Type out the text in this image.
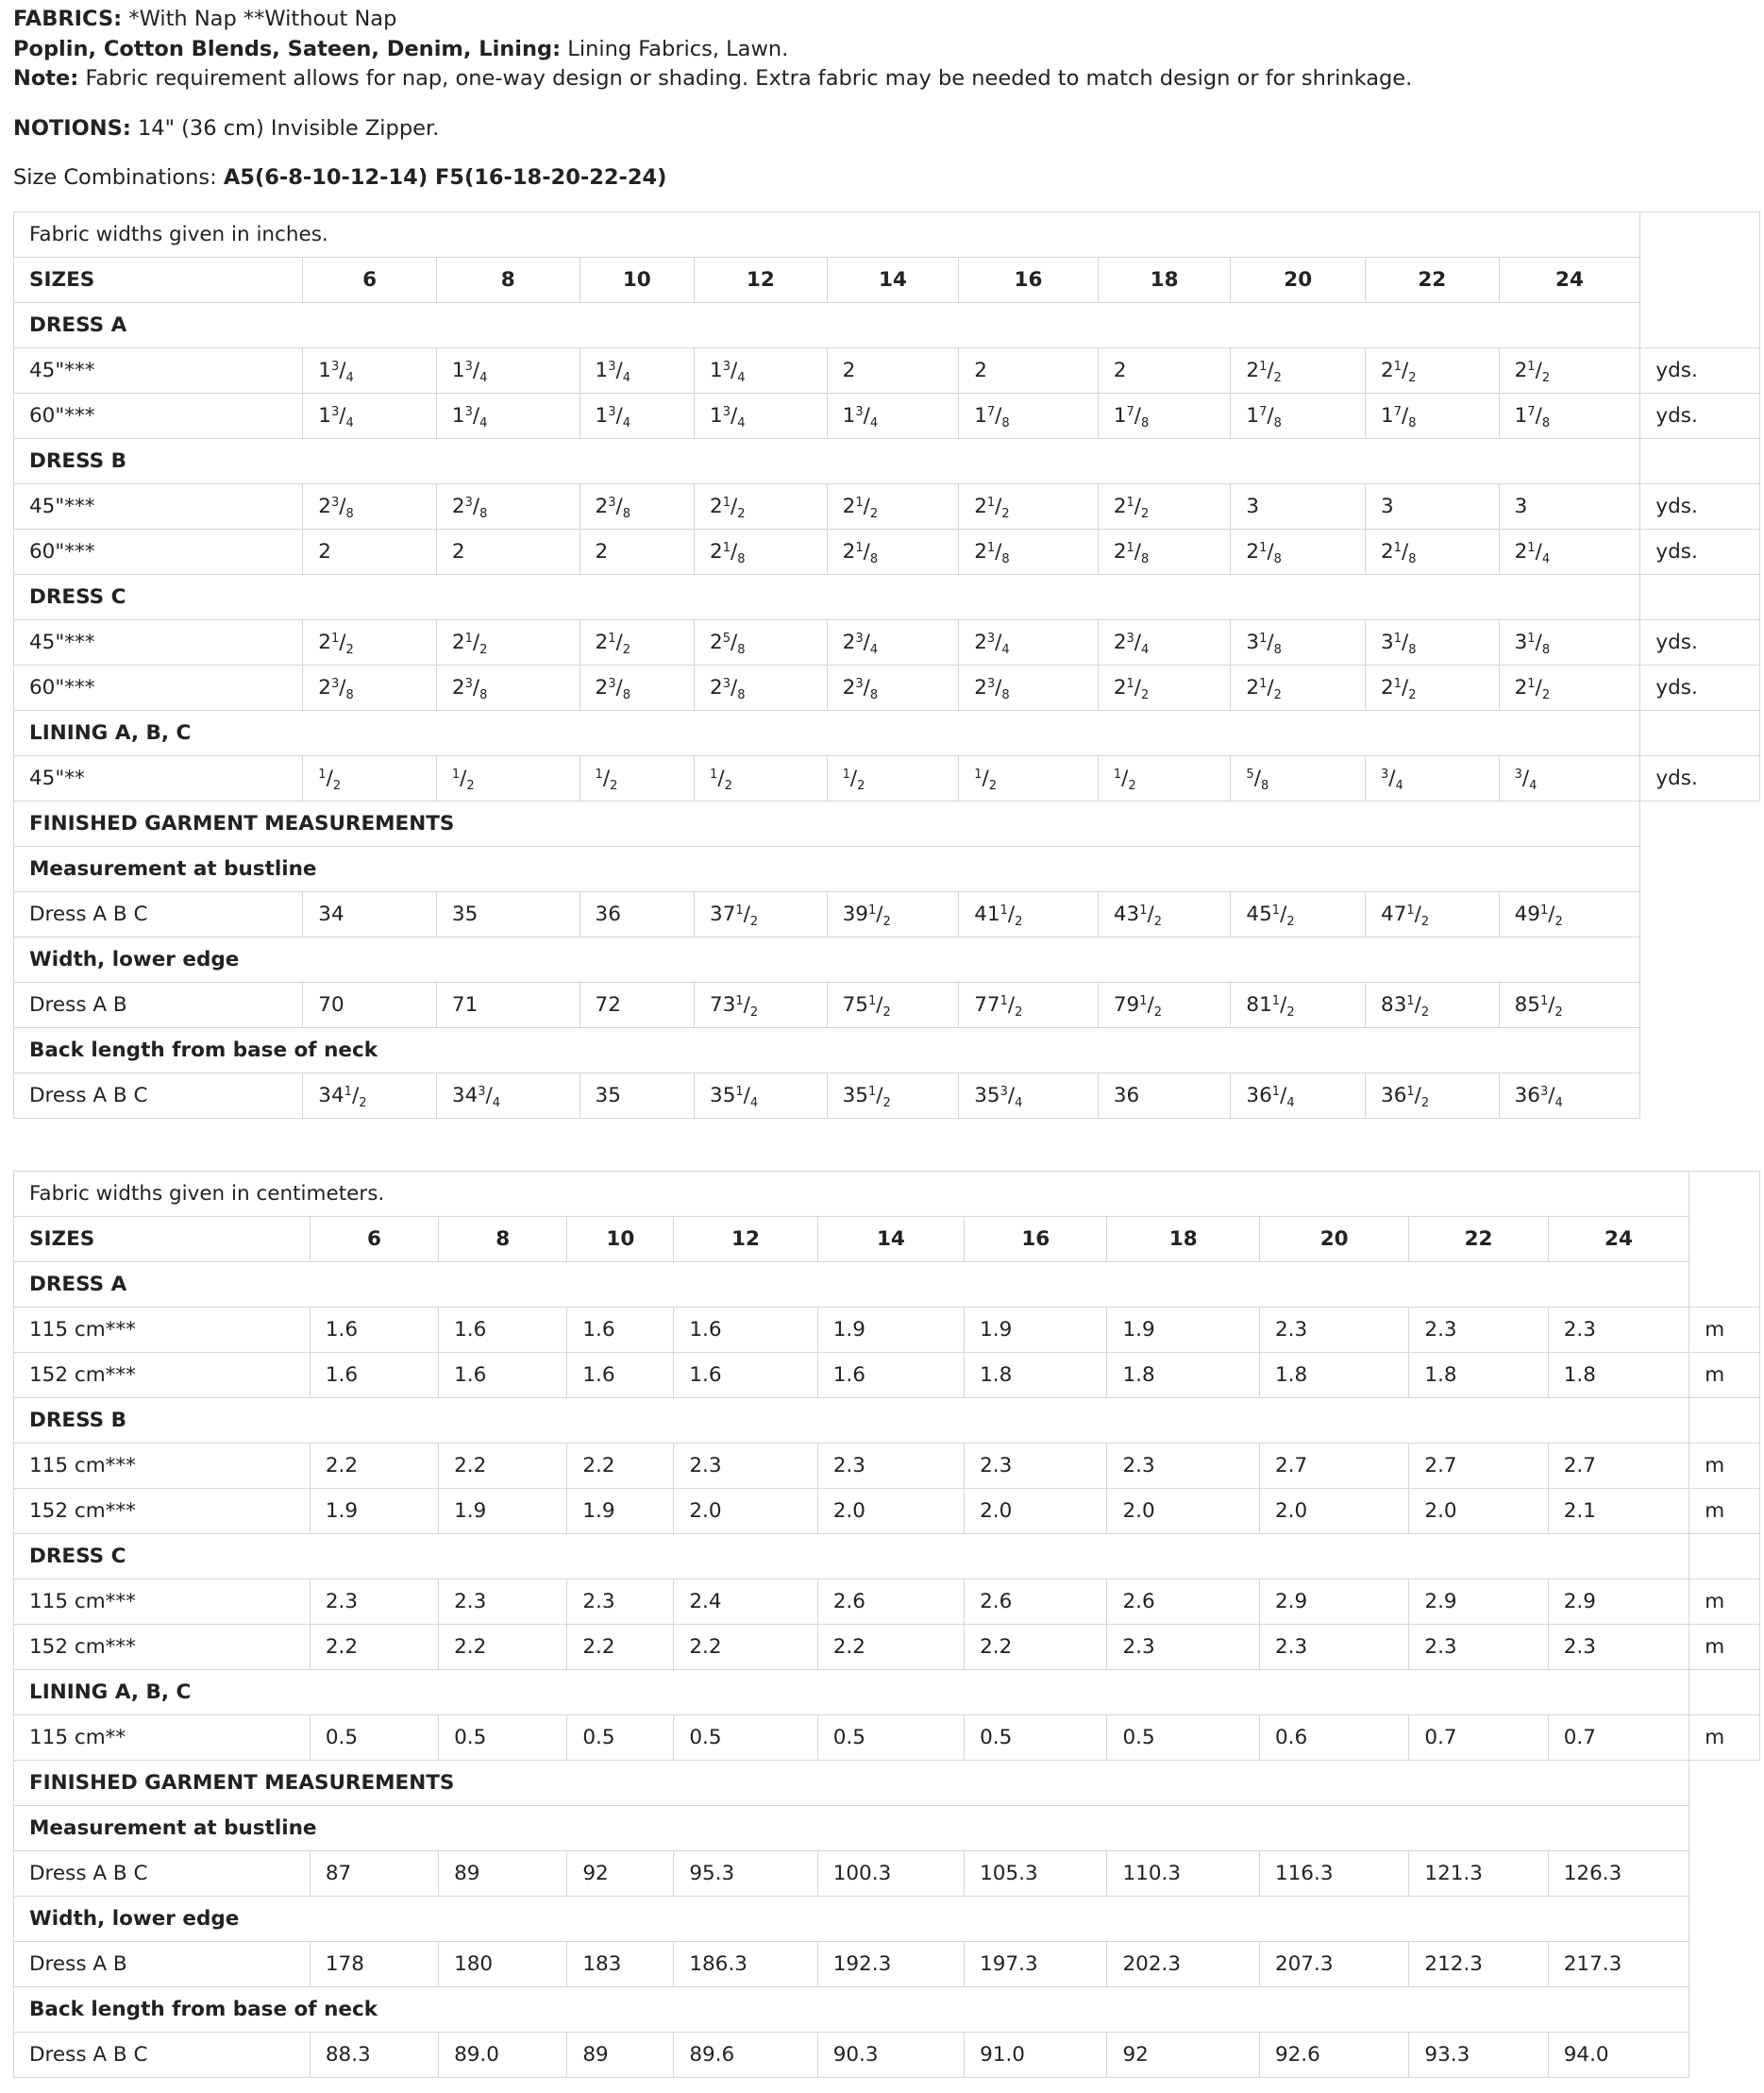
FABRICS: *With Nap **Without Nap

Poplin, Cotton Blends, Sateen, Denim, Lining: Lining Fabrics, Lawn.

Note: Fabric requirement allows for nap, one-way design or shading. Extra fabric may be needed to match design or for shrinkage.

NOTIONS: 14" (36 cm) Invisible Zipper.

Size Combinations: A5(6-8-10-12-14) F5(16-18-20-22-24)

Fabric widths given in inches.											
SIZES	6	8	10	12	14	16	18	20	22	24	
DRESS A											
45"***	$1^3/_4$	$1^3/_4$	$1^3/_4$	$1^3/_4$	2	2	2	$2^1/_2$	$2^1/_2$	$2^1/_2$	yds.
60"***	$1^3/_4$	$1^3/_4$	$1^3/_4$	$1^3/_4$	$1^3/_4$	$1^7/_8$	$1^7/_8$	$1^7/_8$	$1^7/_8$	$1^7/_8$	yds.
DRESS B											
45"***	$2^3/_8$	$2^3/_8$	$2^3/_8$	$2^1/_2$	$2^1/_2$	$2^1/_2$	$2^1/_2$	3	3	3	yds.
60"***	2	2	2	$2^1/_8$	$2^1/_8$	$2^1/_8$	$2^1/_8$	$2^1/_8$	$2^1/_8$	$2^1/_4$	yds.
DRESS C											
45"***	$2^1/_2$	$2^1/_2$	$2^1/_2$	$2^5/_8$	$2^3/_4$	$2^3/_4$	$2^3/_4$	$3^1/_8$	$3^1/_8$	$3^1/_8$	yds.
60"***	$2^3/_8$	$2^3/_8$	$2^3/_8$	$2^3/_8$	$2^3/_8$	$2^3/_8$	$2^1/_2$	$2^1/_2$	$2^1/_2$	$2^1/_2$	yds.
LINING A, B, C											
45"**	$^1/_2$	$^1/_2$	$^1/_2$	$^1/_2$	$^1/_2$	$^1/_2$	$^1/_2$	$^5/_8$	$^3/_4$	$^3/_4$	yds.
FINISHED GARMENT MEASUREMENTS											
Measurement at bustline											
Dress A B C	34	35	36	$37^1/_2$	$39^1/_2$	$41^1/_2$	$43^1/_2$	$45^1/_2$	$47^1/_2$	$49^1/_2$
Width, lower edge											
Dress A B	70	71	72	$73^1/_2$	$75^1/_2$	$77^1/_2$	$79^1/_2$	$81^1/_2$	$83^1/_2$	$85^1/_2$
Back length from base of neck											
Dress A B C	$34^1/_2$	$34^3/_4$	35	$35^1/_4$	$35^1/_2$	$35^3/_4$	36	$36^1/_4$	$36^1/_2$	$36^3/_4$
Fabric widths given in centimeters.											
SIZES	6	8	10	12	14	16	18	20	22	24	
DRESS A											
115 cm***	1.6	1.6	1.6	1.6	1.9	1.9	1.9	2.3	2.3	2.3	m
152 cm***	1.6	1.6	1.6	1.6	1.6	1.8	1.8	1.8	1.8	1.8	m
DRESS B											
115 cm***	2.2	2.2	2.2	2.3	2.3	2.3	2.3	2.7	2.7	2.7	m
152 cm***	1.9	1.9	1.9	2.0	2.0	2.0	2.0	2.0	2.0	2.1	m
DRESS C											
115 cm***	2.3	2.3	2.3	2.4	2.6	2.6	2.6	2.9	2.9	2.9	m
152 cm***	2.2	2.2	2.2	2.2	2.2	2.2	2.3	2.3	2.3	2.3	m
LINING A, B, C											
115 cm**	0.5	0.5	0.5	0.5	0.5	0.5	0.5	0.6	0.7	0.7	m
FINISHED GARMENT MEASUREMENTS											
Measurement at bustline											
Dress A B C	87	89	92	95.3	100.3	105.3	110.3	116.3	121.3	126.3	
Width, lower edge											
Dress A B	178	180	183	186.3	192.3	197.3	202.3	207.3	212.3	217.3	
Back length from base of neck											
Dress A B C	88.3	89.0	89	89.6	90.3	91.0	92	92.6	93.3	94.0	
